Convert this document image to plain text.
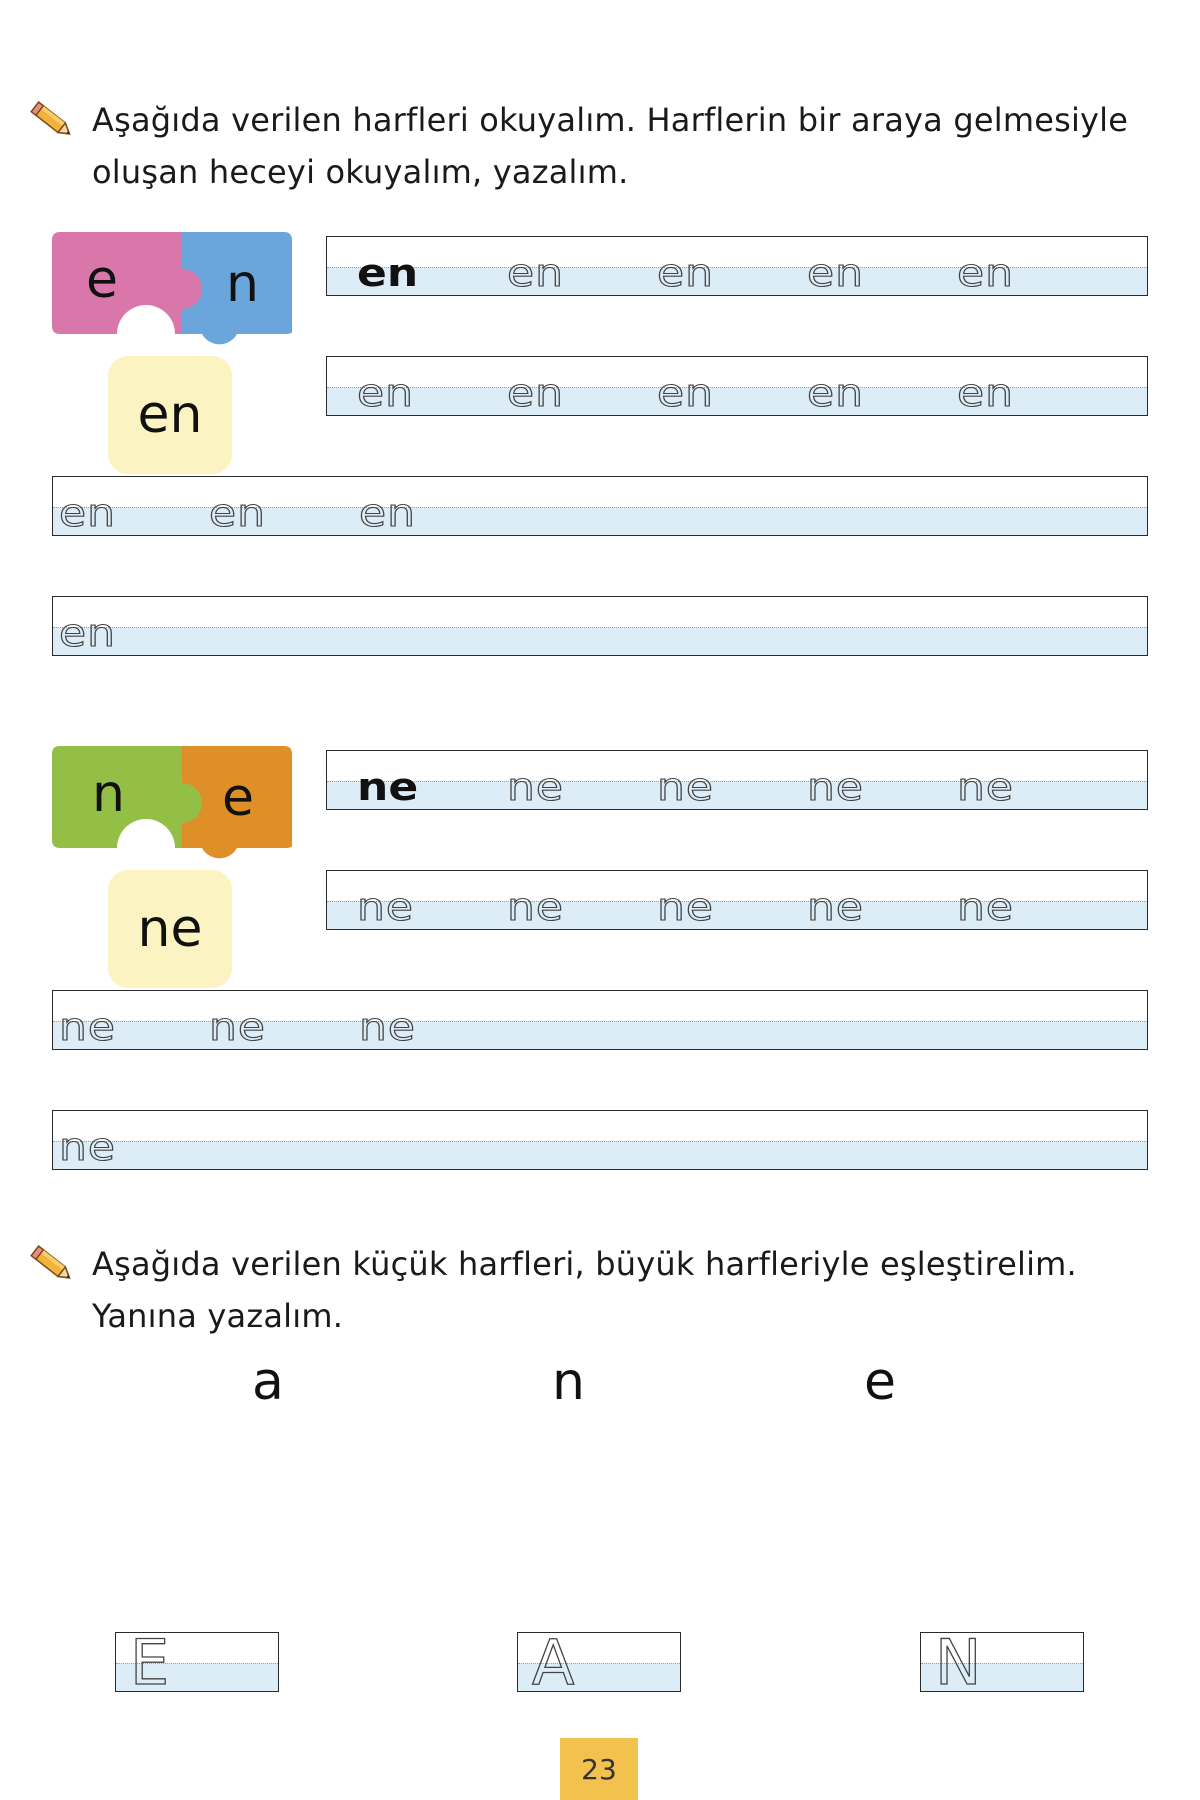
Aşağıda verilen harfleri okuyalım. Harflerin bir araya gelmesiyle oluşan heceyi okuyalım, yazalım.
e n
en
en en en en en
en en en en en
en en en
en
n e
ne
ne ne ne ne ne
ne ne ne ne ne
ne ne ne
ne
Aşağıda verilen küçük harfleri, büyük harfleriyle eşleştirelim. Yanına yazalım.
a	n	e
E	A	N
23
